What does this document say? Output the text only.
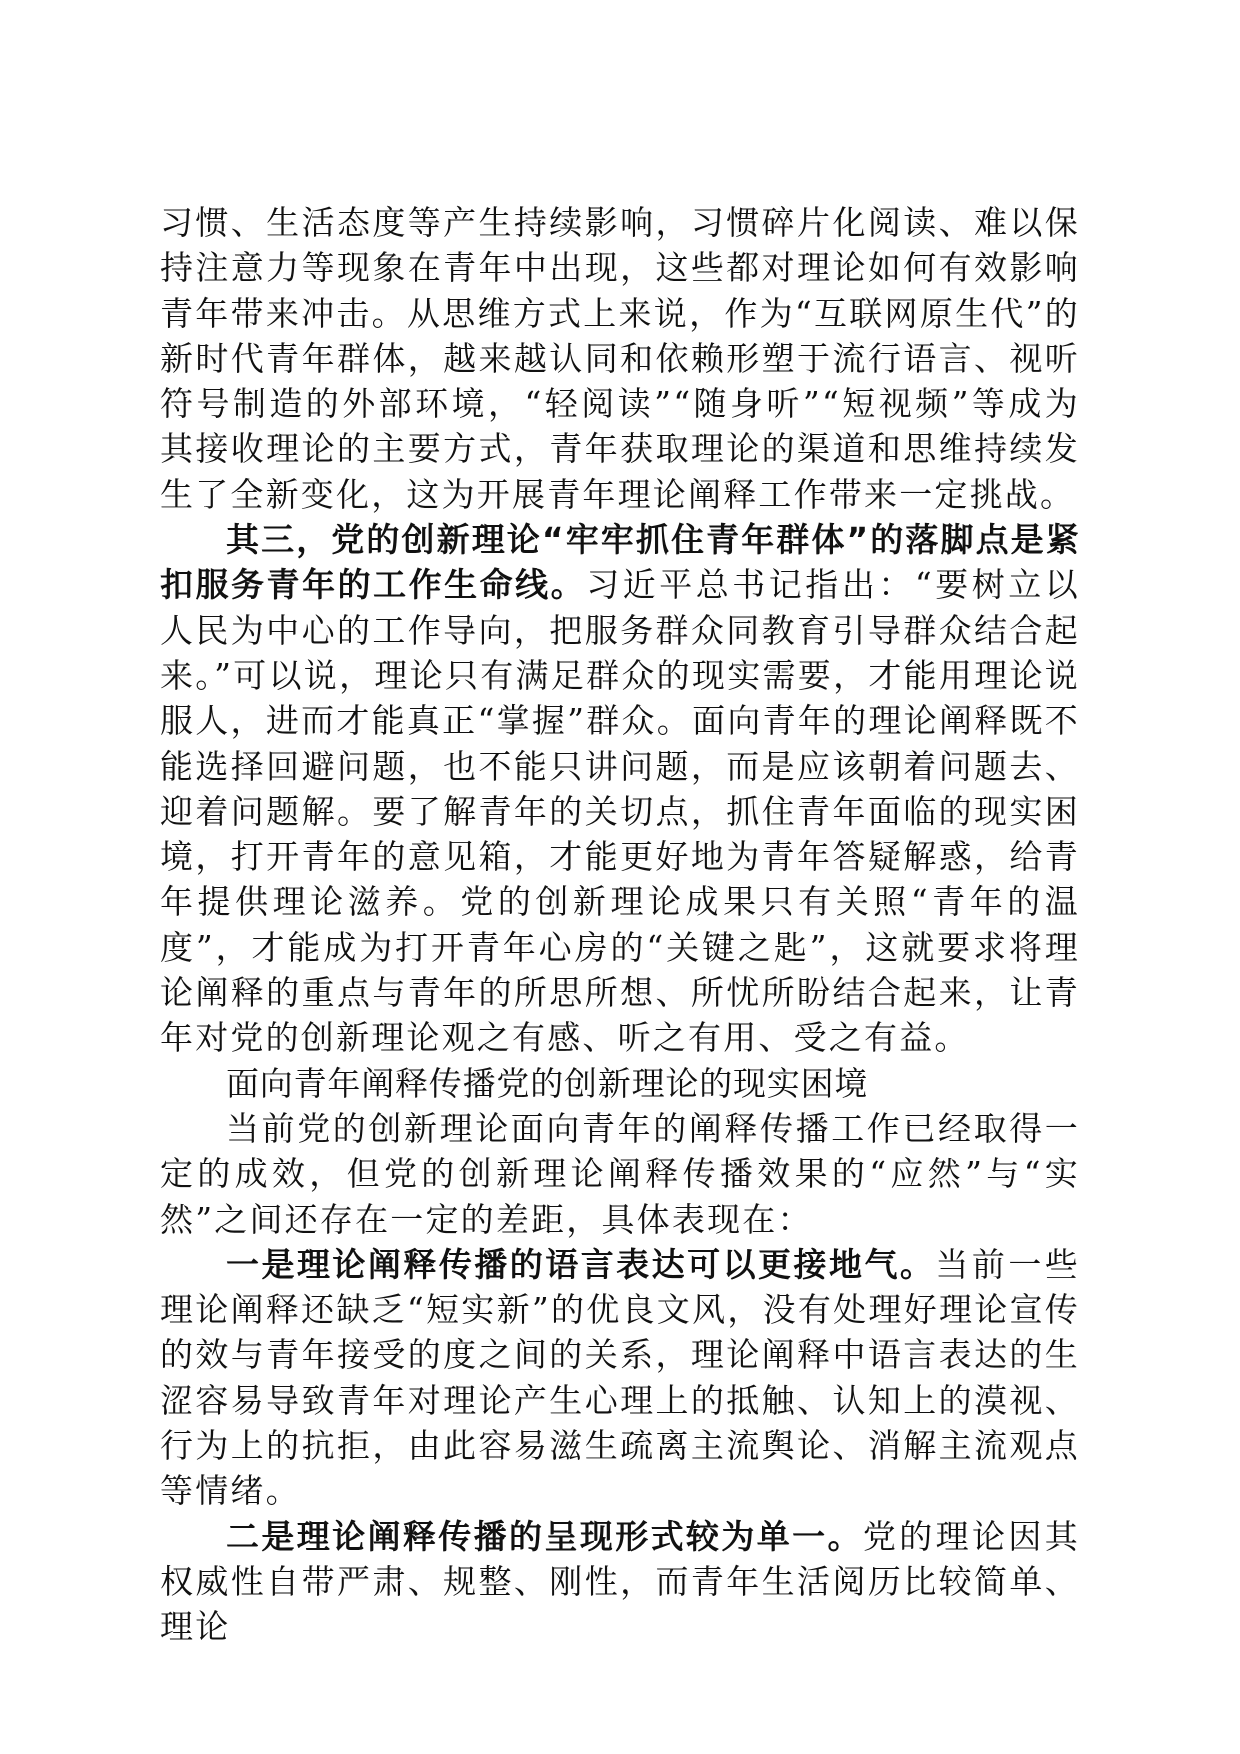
习惯、生活态度等产生持续影响，习惯碎片化阅读、难以保持注意力等现象在青年中出现，这些都对理论如何有效影响青年带来冲击。从思维方式上来说，作为“互联网原生代”的新时代青年群体，越来越认同和依赖形塑于流行语言、视听符号制造的外部环境，“轻阅读”“随身听”“短视频”等成为其接收理论的主要方式，青年获取理论的渠道和思维持续发生了全新变化，这为开展青年理论阐释工作带来一定挑战。

其三，党的创新理论“牢牢抓住青年群体”的落脚点是紧扣服务青年的工作生命线。习近平总书记指出：“要树立以人民为中心的工作导向，把服务群众同教育引导群众结合起来。”可以说，理论只有满足群众的现实需要，才能用理论说服人，进而才能真正“掌握”群众。面向青年的理论阐释既不能选择回避问题，也不能只讲问题，而是应该朝着问题去、迎着问题解。要了解青年的关切点，抓住青年面临的现实困境，打开青年的意见箱，才能更好地为青年答疑解惑，给青年提供理论滋养。党的创新理论成果只有关照“青年的温度”，才能成为打开青年心房的“关键之匙”，这就要求将理论阐释的重点与青年的所思所想、所忧所盼结合起来，让青年对党的创新理论观之有感、听之有用、受之有益。

面向青年阐释传播党的创新理论的现实困境

当前党的创新理论面向青年的阐释传播工作已经取得一定的成效，但党的创新理论阐释传播效果的“应然”与“实然”之间还存在一定的差距，具体表现在：

一是理论阐释传播的语言表达可以更接地气。当前一些理论阐释还缺乏“短实新”的优良文风，没有处理好理论宣传的效与青年接受的度之间的关系，理论阐释中语言表达的生涩容易导致青年对理论产生心理上的抵触、认知上的漠视、行为上的抗拒，由此容易滋生疏离主流舆论、消解主流观点等情绪。

二是理论阐释传播的呈现形式较为单一。党的理论因其权威性自带严肃、规整、刚性，而青年生活阅历比较简单、理论
